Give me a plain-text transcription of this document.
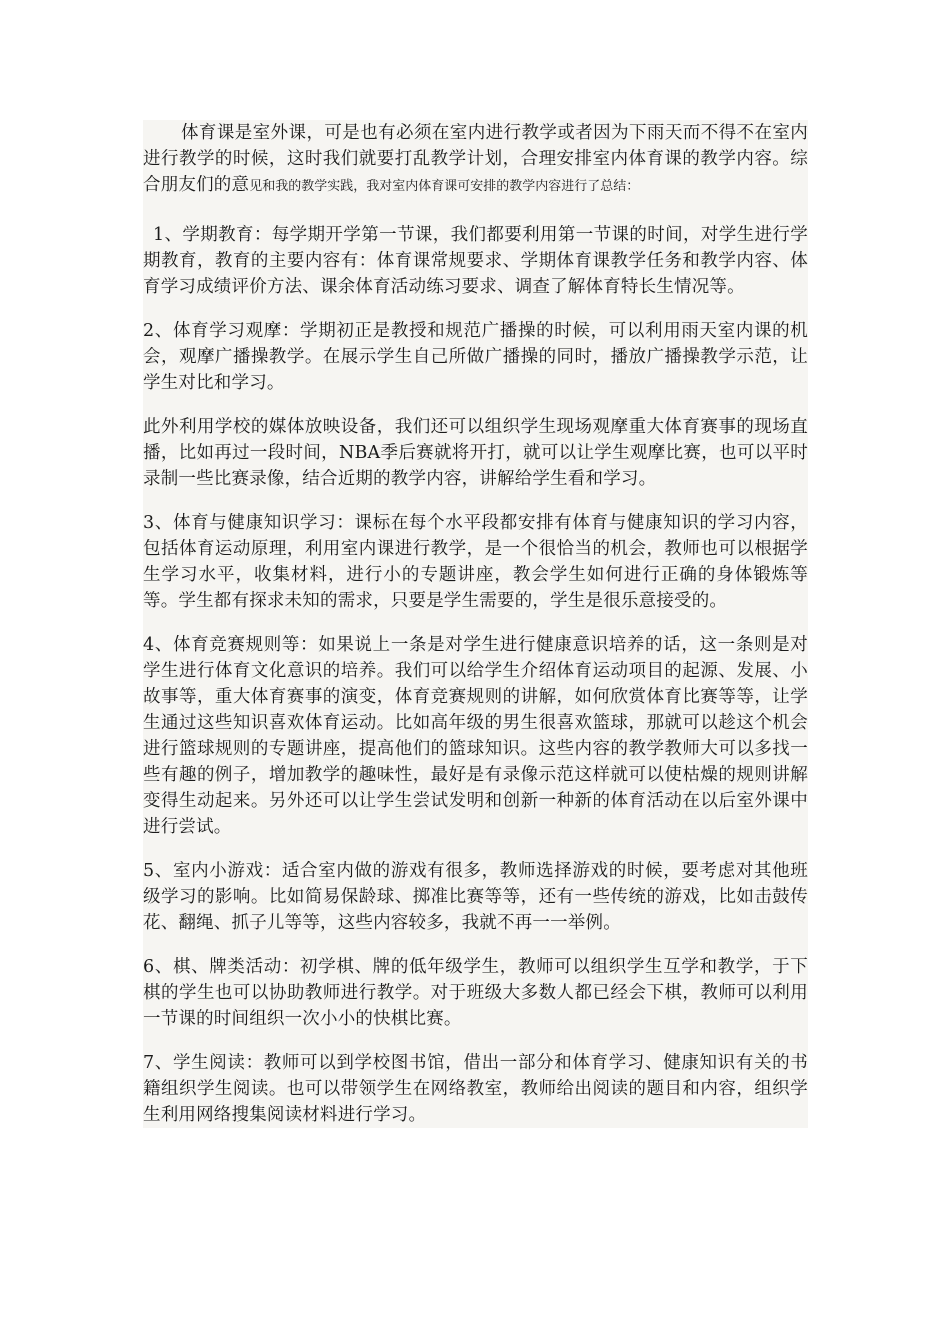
体育课是室外课，可是也有必须在室内进行教学或者因为下雨天而不得不在室内进行教学的时候，这时我们就要打乱教学计划，合理安排室内体育课的教学内容。综合朋友们的意见和我的教学实践，我对室内体育课可安排的教学内容进行了总结：

1、学期教育：每学期开学第一节课，我们都要利用第一节课的时间，对学生进行学期教育，教育的主要内容有：体育课常规要求、学期体育课教学任务和教学内容、体育学习成绩评价方法、课余体育活动练习要求、调查了解体育特长生情况等。

2、体育学习观摩：学期初正是教授和规范广播操的时候，可以利用雨天室内课的机会，观摩广播操教学。在展示学生自己所做广播操的同时，播放广播操教学示范，让学生对比和学习。

此外利用学校的媒体放映设备，我们还可以组织学生现场观摩重大体育赛事的现场直播，比如再过一段时间，NBA季后赛就将开打，就可以让学生观摩比赛，也可以平时录制一些比赛录像，结合近期的教学内容，讲解给学生看和学习。

3、体育与健康知识学习：课标在每个水平段都安排有体育与健康知识的学习内容，包括体育运动原理，利用室内课进行教学，是一个很恰当的机会，教师也可以根据学生学习水平，收集材料，进行小的专题讲座，教会学生如何进行正确的身体锻炼等等。学生都有探求未知的需求，只要是学生需要的，学生是很乐意接受的。

4、体育竞赛规则等：如果说上一条是对学生进行健康意识培养的话，这一条则是对学生进行体育文化意识的培养。我们可以给学生介绍体育运动项目的起源、发展、小故事等，重大体育赛事的演变，体育竞赛规则的讲解，如何欣赏体育比赛等等，让学生通过这些知识喜欢体育运动。比如高年级的男生很喜欢篮球，那就可以趁这个机会进行篮球规则的专题讲座，提高他们的篮球知识。这些内容的教学教师大可以多找一些有趣的例子，增加教学的趣味性，最好是有录像示范这样就可以使枯燥的规则讲解变得生动起来。另外还可以让学生尝试发明和创新一种新的体育活动在以后室外课中进行尝试。

5、室内小游戏：适合室内做的游戏有很多，教师选择游戏的时候，要考虑对其他班级学习的影响。比如简易保龄球、掷准比赛等等，还有一些传统的游戏，比如击鼓传花、翻绳、抓子儿等等，这些内容较多，我就不再一一举例。

6、棋、牌类活动：初学棋、牌的低年级学生，教师可以组织学生互学和教学，于下棋的学生也可以协助教师进行教学。对于班级大多数人都已经会下棋，教师可以利用一节课的时间组织一次小小的快棋比赛。

7、学生阅读：教师可以到学校图书馆，借出一部分和体育学习、健康知识有关的书籍组织学生阅读。也可以带领学生在网络教室，教师给出阅读的题目和内容，组织学生利用网络搜集阅读材料进行学习。
